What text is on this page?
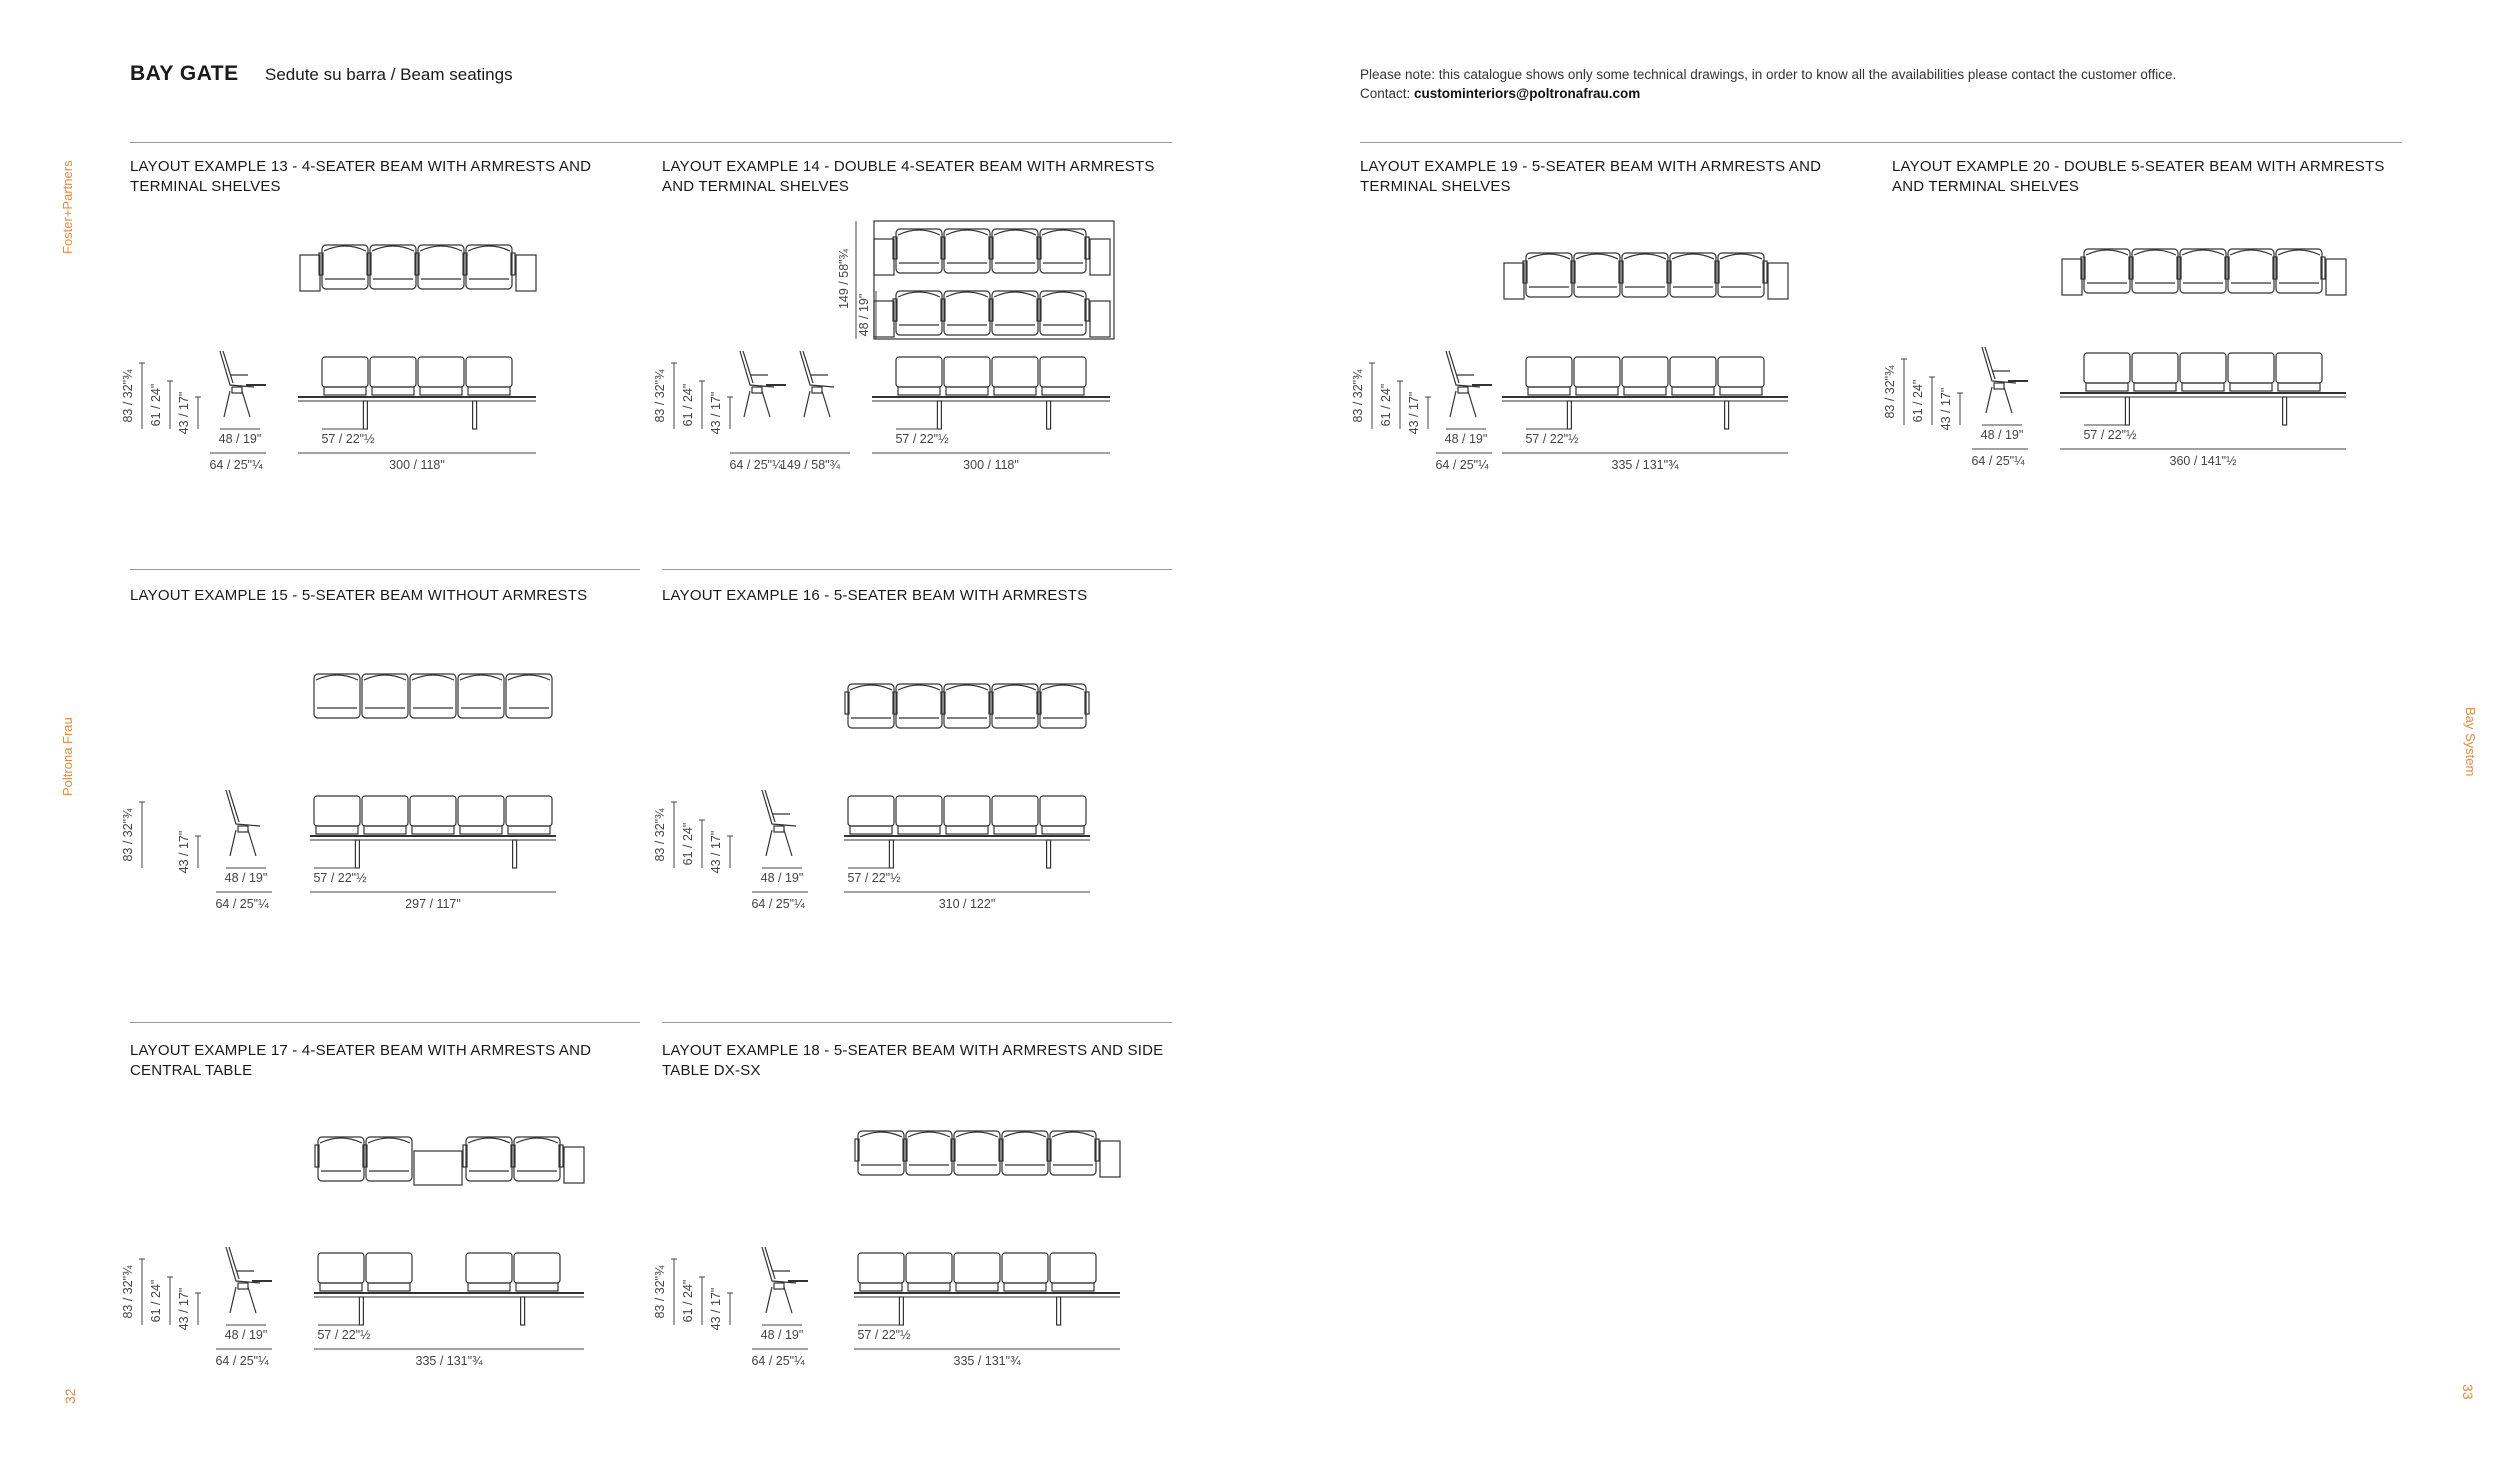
BAY GATE Sedute su barra / Beam seatings	Please note: this catalogue shows only some technical drawings, in order to know all the availabilities please contact the customer office.
Contact: custominteriors@poltronafrau.com
Foster+Partners
Poltrona Frau	Bay System
32	33
LAYOUT EXAMPLE 13 - 4-SEATER BEAM WITH ARMRESTS AND
TERMINAL SHELVES
LAYOUT EXAMPLE 14 - DOUBLE 4-SEATER BEAM WITH ARMRESTS
AND TERMINAL SHELVES
LAYOUT EXAMPLE 15 - 5-SEATER BEAM WITHOUT ARMRESTS	LAYOUT EXAMPLE 16 - 5-SEATER BEAM WITH ARMRESTS
LAYOUT EXAMPLE 17 - 4-SEATER BEAM WITH ARMRESTS AND
CENTRAL TABLE
LAYOUT EXAMPLE 18 - 5-SEATER BEAM WITH ARMRESTS AND SIDE
TABLE DX-SX
LAYOUT EXAMPLE 19 - 5-SEATER BEAM WITH ARMRESTS AND
TERMINAL SHELVES
LAYOUT EXAMPLE 20 - DOUBLE 5-SEATER BEAM WITH ARMRESTS
AND TERMINAL SHELVES
83 / 32"¾ 61 / 24" 43 / 17"
57 / 22"½
48 / 19"
64 / 25"¼	300 / 118"
149 / 58"¾
48 / 19"
83 / 32"¾ 61 / 24" 43 / 17"
57 / 22"½
64 / 25"¼
149 / 58"¾	300 / 118"
83 / 32"¾	43 / 17"
57 / 22"½
48 / 19"
64 / 25"¼	297 / 117"
83 / 32"¾ 61 / 24" 43 / 17"
57 / 22"½
48 / 19"
64 / 25"¼	310 / 122"
83 / 32"¾ 61 / 24" 43 / 17"
57 / 22"½
48 / 19"
64 / 25"¼	335 / 131"¾
83 / 32"¾ 61 / 24" 43 / 17"
57 / 22"½
48 / 19"
64 / 25"¼	335 / 131"¾
83 / 32"¾ 61 / 24" 43 / 17"
57 / 22"½
48 / 19"
64 / 25"¼	335 / 131"¾
83 / 32"¾ 61 / 24" 43 / 17"
57 / 22"½
48 / 19"
64 / 25"¼	360 / 141"½
